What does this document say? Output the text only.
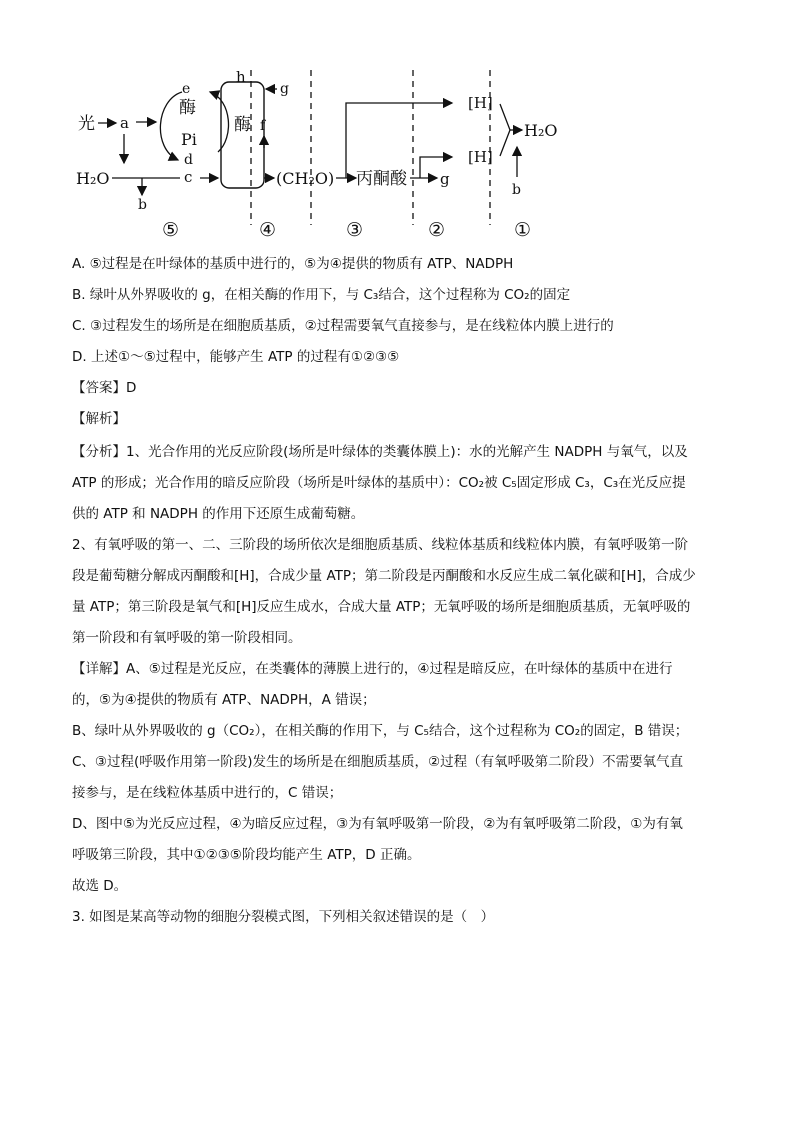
光 a
e
酶
Pi
d
H₂O
b
c
h
酶
g
f
(CH₂O) 丙酮酸 g
[H]
[H]
H₂O
b
⑤	④	③	②	①
A. ⑤过程是在叶绿体的基质中进行的，⑤为④提供的物质有 ATP、NADPH
B. 绿叶从外界吸收的 g，在相关酶的作用下，与 C₃结合，这个过程称为 CO₂的固定
C. ③过程发生的场所是在细胞质基质，②过程需要氧气直接参与，是在线粒体内膜上进行的
D. 上述①～⑤过程中，能够产生 ATP 的过程有①②③⑤
【答案】D
【解析】
【分析】1、光合作用的光反应阶段(场所是叶绿体的类囊体膜上)：水的光解产生 NADPH 与氧气，以及
ATP 的形成；光合作用的暗反应阶段（场所是叶绿体的基质中）：CO₂被 C₅固定形成 C₃，C₃在光反应提
供的 ATP 和 NADPH 的作用下还原生成葡萄糖。
2、有氧呼吸的第一、二、三阶段的场所依次是细胞质基质、线粒体基质和线粒体内膜，有氧呼吸第一阶
段是葡萄糖分解成丙酮酸和[H]，合成少量 ATP；第二阶段是丙酮酸和水反应生成二氧化碳和[H]，合成少
量 ATP；第三阶段是氧气和[H]反应生成水，合成大量 ATP；无氧呼吸的场所是细胞质基质，无氧呼吸的
第一阶段和有氧呼吸的第一阶段相同。
【详解】A、⑤过程是光反应，在类囊体的薄膜上进行的，④过程是暗反应，在叶绿体的基质中在进行
的，⑤为④提供的物质有 ATP、NADPH，A 错误；
B、绿叶从外界吸收的 g（CO₂），在相关酶的作用下，与 C₅结合，这个过程称为 CO₂的固定，B 错误；
C、③过程(呼吸作用第一阶段)发生的场所是在细胞质基质，②过程（有氧呼吸第二阶段）不需要氧气直
接参与，是在线粒体基质中进行的，C 错误；
D、图中⑤为光反应过程，④为暗反应过程，③为有氧呼吸第一阶段，②为有氧呼吸第二阶段，①为有氧
呼吸第三阶段，其中①②③⑤阶段均能产生 ATP，D 正确。
故选 D。
3. 如图是某高等动物的细胞分裂模式图，下列相关叙述错误的是（　）
